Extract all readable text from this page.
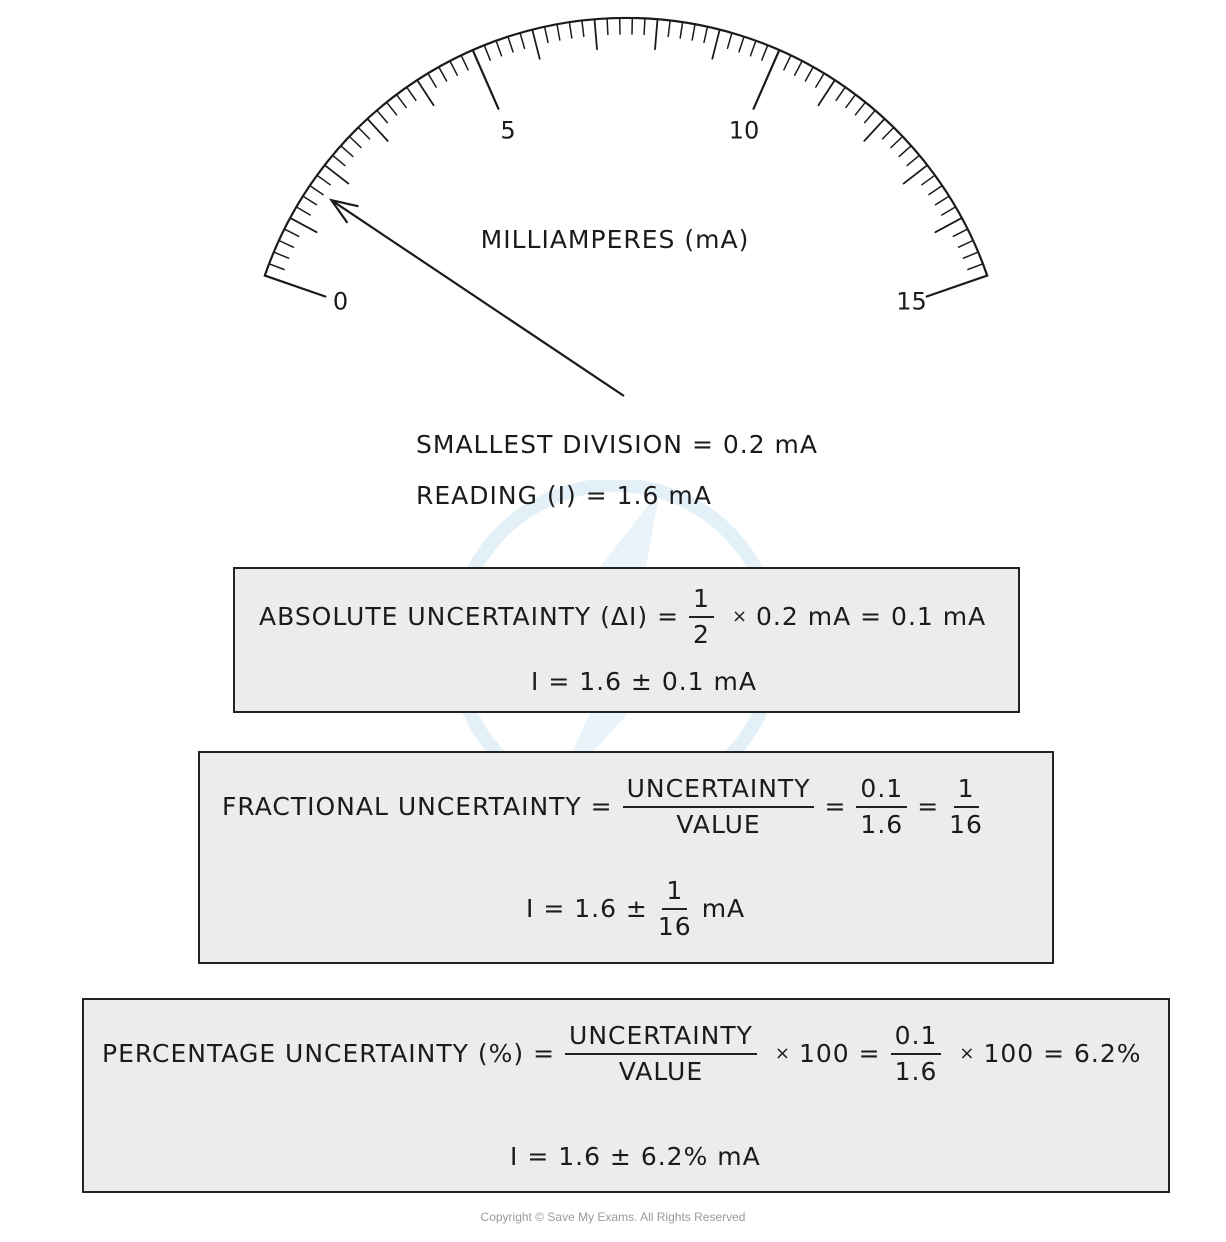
0
5	10
15
MILLIAMPERES (mA)
SMALLEST DIVISION = 0.2 mA
READING (I) = 1.6 mA
ABSOLUTE UNCERTAINTY $(\Delta I) = \frac{1}{2} \times 0.2$ mA = 0.1 mA
I = 1.6 ± 0.1 mA
FRACTIONAL UNCERTAINTY = $\frac{\text{UNCERTAINTY}}{\text{VALUE}} = \frac{0.1}{1.6} = \frac{1}{16}$
$I = 1.6 \pm \frac{1}{16}$ mA
PERCENTAGE UNCERTAINTY (%) = $\frac{\text{UNCERTAINTY}}{\text{VALUE}} \times 100 = \frac{0.1}{1.6} \times 100 = 6.2\%$
I = 1.6 ± 6.2% mA
Copyright © Save My Exams. All Rights Reserved
